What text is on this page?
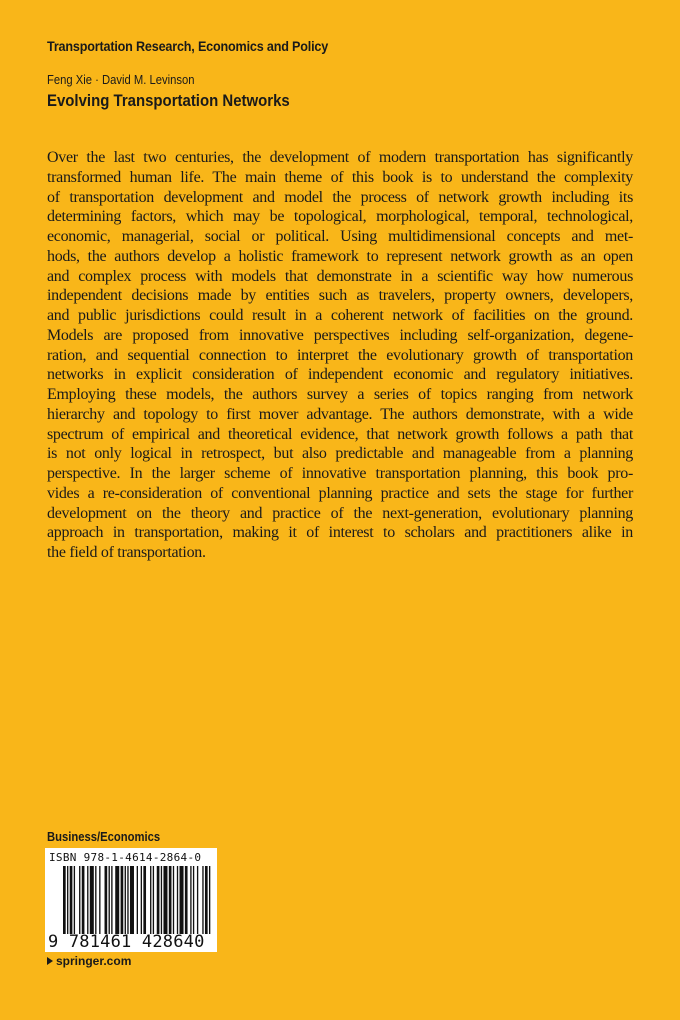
Transportation Research, Economics and Policy
Feng Xie · David M. Levinson
Evolving Transportation Networks
Over the last two centuries, the development of modern transportation has significantly
transformed human life. The main theme of this book is to understand the complexity
of transportation development and model the process of network growth including its
determining factors, which may be topological, morphological, temporal, technological,
economic, managerial, social or political. Using multidimensional concepts and met-
hods, the authors develop a holistic framework to represent network growth as an open
and complex process with models that demonstrate in a scientific way how numerous
independent decisions made by entities such as travelers, property owners, developers,
and public jurisdictions could result in a coherent network of facilities on the ground.
Models are proposed from innovative perspectives including self-organization, degene-
ration, and sequential connection to interpret the evolutionary growth of transportation
networks in explicit consideration of independent economic and regulatory initiatives.
Employing these models, the authors survey a series of topics ranging from network
hierarchy and topology to first mover advantage. The authors demonstrate, with a wide
spectrum of empirical and theoretical evidence, that network growth follows a path that
is not only logical in retrospect, but also predictable and manageable from a planning
perspective. In the larger scheme of innovative transportation planning, this book pro-
vides a re-consideration of conventional planning practice and sets the stage for further
development on the theory and practice of the next-generation, evolutionary planning
approach in transportation, making it of interest to scholars and practitioners alike in
the field of transportation.
Business/Economics
ISBN 978-1-4614-2864-0
9 781461 428640
springer.com
